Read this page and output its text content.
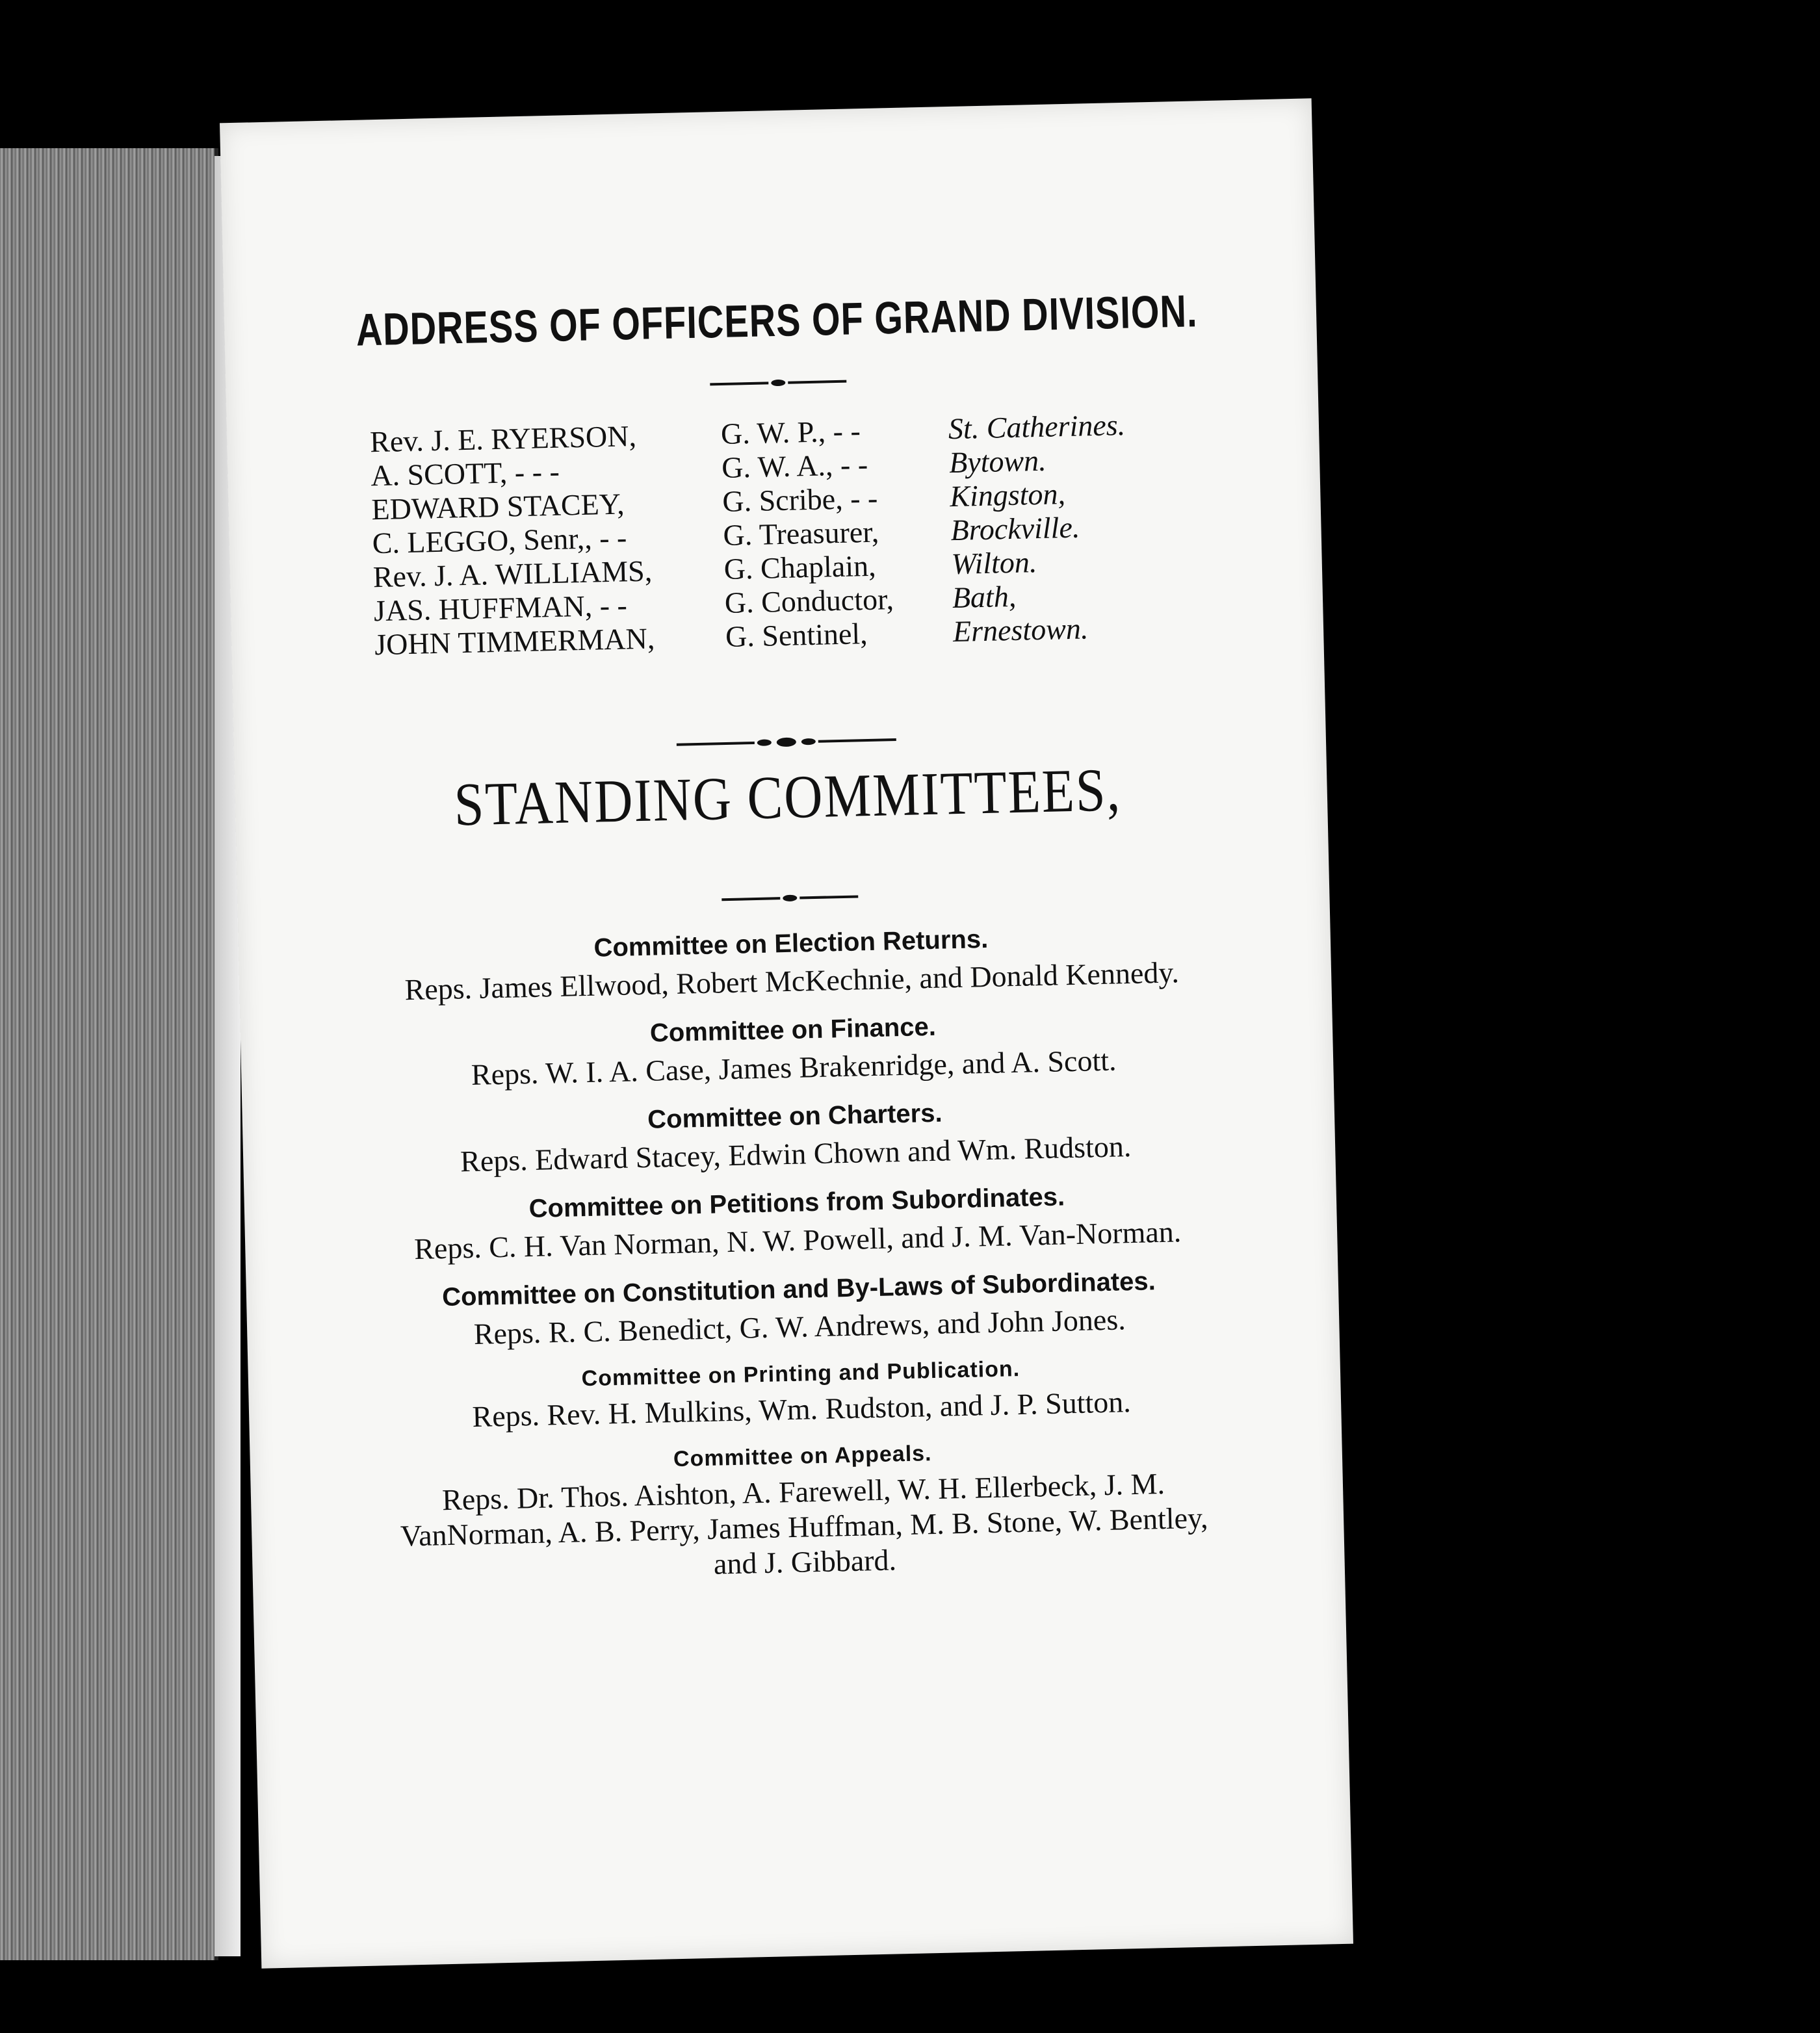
ADDRESS OF OFFICERS OF GRAND DIVISION.
Rev. J. E. RYERSON,	G. W. P., - -	St. Catherines.
A. SCOTT, - - -	G. W. A., - -	Bytown.
EDWARD STACEY,	G. Scribe, - -	Kingston,
C. LEGGO, Senr,, - -	G. Treasurer,	Brockville.
Rev. J. A. WILLIAMS,	G. Chaplain,	Wilton.
JAS. HUFFMAN, - -	G. Conductor,	Bath,
JOHN TIMMERMAN,	G. Sentinel,	Ernestown.
STANDING COMMITTEES,
Committee on Election Returns.
Reps. James Ellwood, Robert McKechnie, and Donald Kennedy.
Committee on Finance.
Reps. W. I. A. Case, James Brakenridge, and A. Scott.
Committee on Charters.
Reps. Edward Stacey, Edwin Chown and Wm. Rudston.
Committee on Petitions from Subordinates.
Reps. C. H. Van Norman, N. W. Powell, and J. M. Van-Norman.
Committee on Constitution and By-Laws of Subordinates.
Reps. R. C. Benedict, G. W. Andrews, and John Jones.
Committee on Printing and Publication.
Reps. Rev. H. Mulkins, Wm. Rudston, and J. P. Sutton.
Committee on Appeals.
Reps. Dr. Thos. Aishton, A. Farewell, W. H. Ellerbeck, J. M. VanNorman, A. B. Perry, James Huffman, M. B. Stone, W. Bentley, and J. Gibbard.
